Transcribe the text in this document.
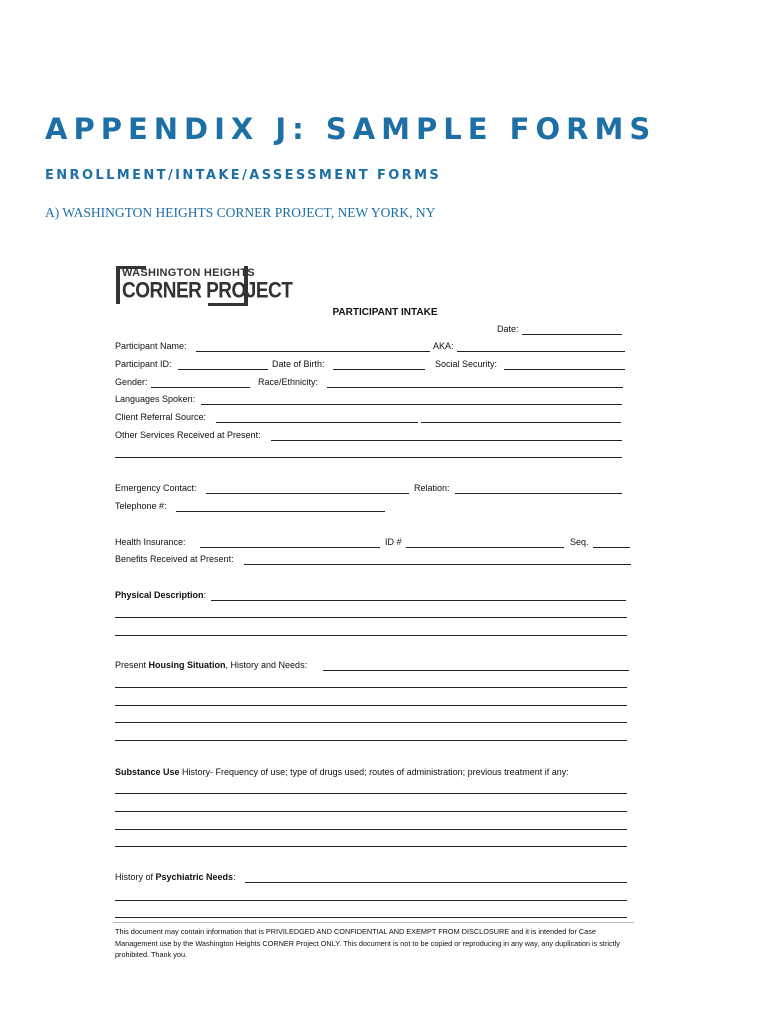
APPENDIX J: SAMPLE FORMS
ENROLLMENT/INTAKE/ASSESSMENT FORMS
A) WASHINGTON HEIGHTS CORNER PROJECT, NEW YORK, NY
WASHINGTON HEIGHTS
CORNER PROJECT
PARTICIPANT INTAKE
Date:
Participant Name:	AKA:
Participant ID:	Date of Birth:	Social Security:
Gender:	Race/Ethnicity:
Languages Spoken:
Client Referral Source:
Other Services Received at Present:
Emergency Contact:	Relation:
Telephone #:
Health Insurance:	ID #	Seq.
Benefits Received at Present:
Physical Description:
Present Housing Situation, History and Needs:
Substance Use History- Frequency of use; type of drugs used; routes of administration; previous treatment if any:
History of Psychiatric Needs:
This document may contain information that is PRIVILEDGED AND CONFIDENTIAL AND EXEMPT FROM DISCLOSURE and it is intended for Case Management use by the Washington Heights CORNER Project ONLY. This document is not to be copied or reproducing in any way, any duplication is strictly prohibited. Thank you.
